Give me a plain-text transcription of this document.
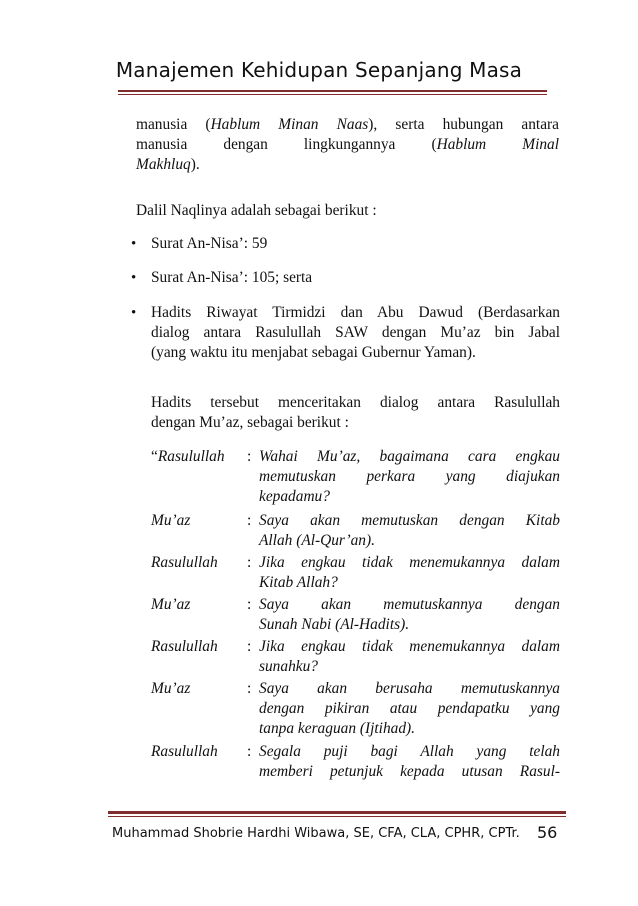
Manajemen Kehidupan Sepanjang Masa
manusia (Hablum Minan Naas), serta hubungan antara
manusia dengan lingkungannya (Hablum Minal
Makhluq).
Dalil Naqlinya adalah sebagai berikut :
• Surat An-Nisa’: 59
• Surat An-Nisa’: 105; serta
• Hadits Riwayat Tirmidzi dan Abu Dawud (Berdasarkan
dialog antara Rasulullah SAW dengan Mu’az bin Jabal
(yang waktu itu menjabat sebagai Gubernur Yaman).
Hadits tersebut menceritakan dialog antara Rasulullah
dengan Mu’az, sebagai berikut :
“Rasulullah	: Wahai Mu’az, bagaimana cara engkau
memutuskan perkara yang diajukan
kepadamu?
Mu’az	: Saya akan memutuskan dengan Kitab
Allah (Al-Qur’an).
Rasulullah	: Jika engkau tidak menemukannya dalam
Kitab Allah?
Mu’az	: Saya akan memutuskannya dengan
Sunah Nabi (Al-Hadits).
Rasulullah	: Jika engkau tidak menemukannya dalam
sunahku?
Mu’az	: Saya akan berusaha memutuskannya
dengan pikiran atau pendapatku yang
tanpa keraguan (Ijtihad).
Rasulullah	: Segala puji bagi Allah yang telah
memberi petunjuk kepada utusan Rasul-
Muhammad Shobrie Hardhi Wibawa, SE, CFA, CLA, CPHR, CPTr. 56
